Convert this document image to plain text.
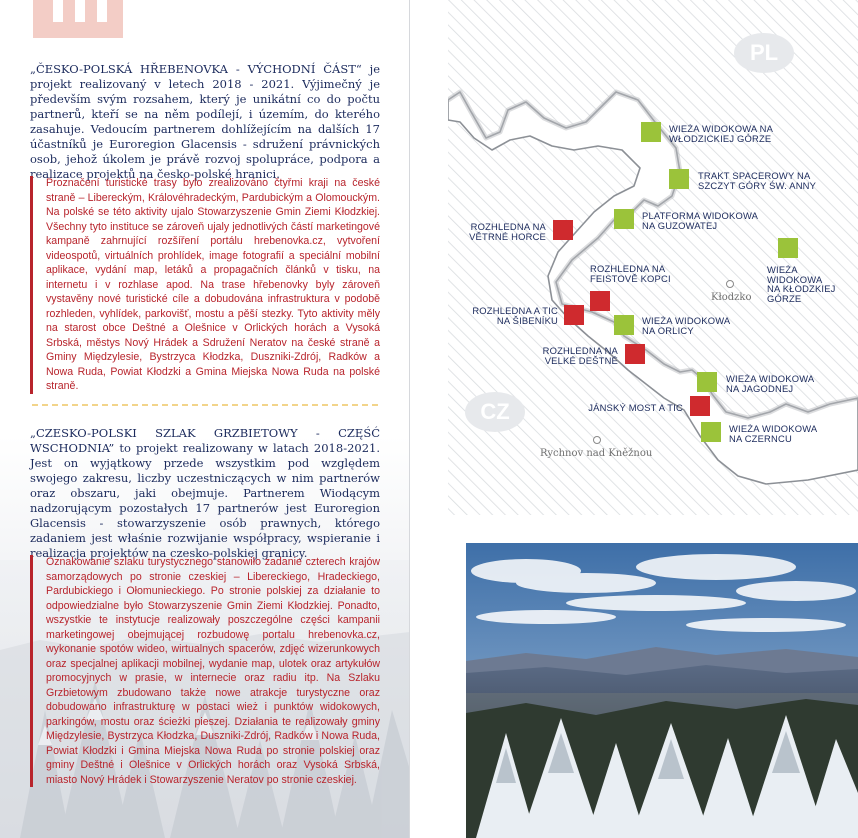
„ČESKO-POLSKÁ HŘEBENOVKA - VÝCHODNÍ ČÁST“ je projekt realizovaný v letech 2018 - 2021. Výjimečný je především svým rozsahem, který je unikátní co do počtu partnerů, kteří se na něm podílejí, i územím, do kterého zasahuje. Vedoucím partnerem dohlížejícím na dalších 17 účastníků je Euroregion Glacensis - sdružení právnických osob, jehož úkolem je právě rozvoj spolupráce, podpora a realizace projektů na česko-polské hranici.

Proznačení turistické trasy bylo zrealizováno čtyřmi kraji na české straně – Libereckým, Královéhradeckým, Pardubickým a Olomouckým. Na polské se této aktivity ujalo Stowarzyszenie Gmin Ziemi Kłodzkiej. Všechny tyto instituce se zároveň ujaly jednotlivých částí marketingové kampaně zahrnující rozšíření portálu hrebenovka.cz, vytvoření videospotů, virtuálních prohlídek, image fotografií a speciální mobilní aplikace, vydání map, letáků a propagačních článků v tisku, na internetu i v rozhlase apod. Na trase hřebenovky byly zároveň vystavěny nové turistické cíle a dobudována infrastruktura v podobě rozhleden, vyhlídek, parkovišť, mostu a pěší stezky. Tyto aktivity měly na starost obce Deštné a Olešnice v Orlických horách a Vysoká Srbská, městys Nový Hrádek a Sdružení Neratov na české straně a Gminy Międzylesie, Bystrzyca Kłodzka, Duszniki-Zdrój, Radków a Nowa Ruda, Powiat Kłodzki a Gmina Miejska Nowa Ruda na polské straně.

„CZESKO-POLSKI SZLAK GRZBIETOWY - CZĘŚĆ WSCHODNIA” to projekt realizowany w latach 2018-2021. Jest on wyjątkowy przede wszystkim pod względem swojego zakresu, liczby uczestniczących w nim partnerów oraz obszaru, jaki obejmuje. Partnerem Wiodącym nadzorującym pozostałych 17 partnerów jest Euroregion Glacensis - stowarzyszenie osób prawnych, którego zadaniem jest właśnie rozwijanie współpracy, wspieranie i realizacja projektów na czesko-polskiej granicy.

Oznakowanie szlaku turystycznego stanowiło zadanie czterech krajów samorządowych po stronie czeskiej – Libereckiego, Hradeckiego, Pardubickiego i Ołomunieckiego. Po stronie polskiej za działanie to odpowiedzialne było Stowarzyszenie Gmin Ziemi Kłodzkiej. Ponadto, wszystkie te instytucje realizowały poszczególne części kampanii marketingowej obejmującej rozbudowę portalu hrebenovka.cz, wykonanie spotów wideo, wirtualnych spacerów, zdjęć wizerunkowych oraz specjalnej aplikacji mobilnej, wydanie map, ulotek oraz artykułów promocyjnych w prasie, w internecie oraz radiu itp. Na Szlaku Grzbietowym zbudowano także nowe atrakcje turystyczne oraz dobudowano infrastrukturę w postaci wież i punktów widokowych, parkingów, mostu oraz ścieżki pieszej. Działania te realizowały gminy Międzylesie, Bystrzyca Kłodzka, Duszniki-Zdrój, Radków i Nowa Ruda, Powiat Kłodzki i Gmina Miejska Nowa Ruda po stronie polskiej oraz gminy Deštné i Olešnice v Orlických horách oraz Vysoká Srbská, miasto Nový Hrádek i Stowarzyszenie Neratov po stronie czeskiej.

PL
CZ
WIEŻA WIDOKOWA NA
WŁODZICKIEJ GÓRZE
TRAKT SPACEROWY NA
SZCZYT GÓRY ŚW. ANNY
PLATFORMA WIDOKOWA
NA GUZOWATEJ
WIEŻA
WIDOKOWA
NA KŁODZKIEJ
GÓRZE
WIEŻA WIDOKOWA
NA ORLICY
WIEŻA WIDOKOWA
NA JAGODNEJ
WIEŻA WIDOKOWA
NA CZERNCU
ROZHLEDNA NA
VĚTRNÉ HORCE
ROZHLEDNA NA
FEISTOVĚ KOPCI
ROZHLEDNA A TIC
NA ŠIBENÍKU
ROZHLEDNA NA
VELKÉ DEŠTNÉ
JÁNSKÝ MOST A TIC
Kłodzko
Rychnov nad Kněžnou
